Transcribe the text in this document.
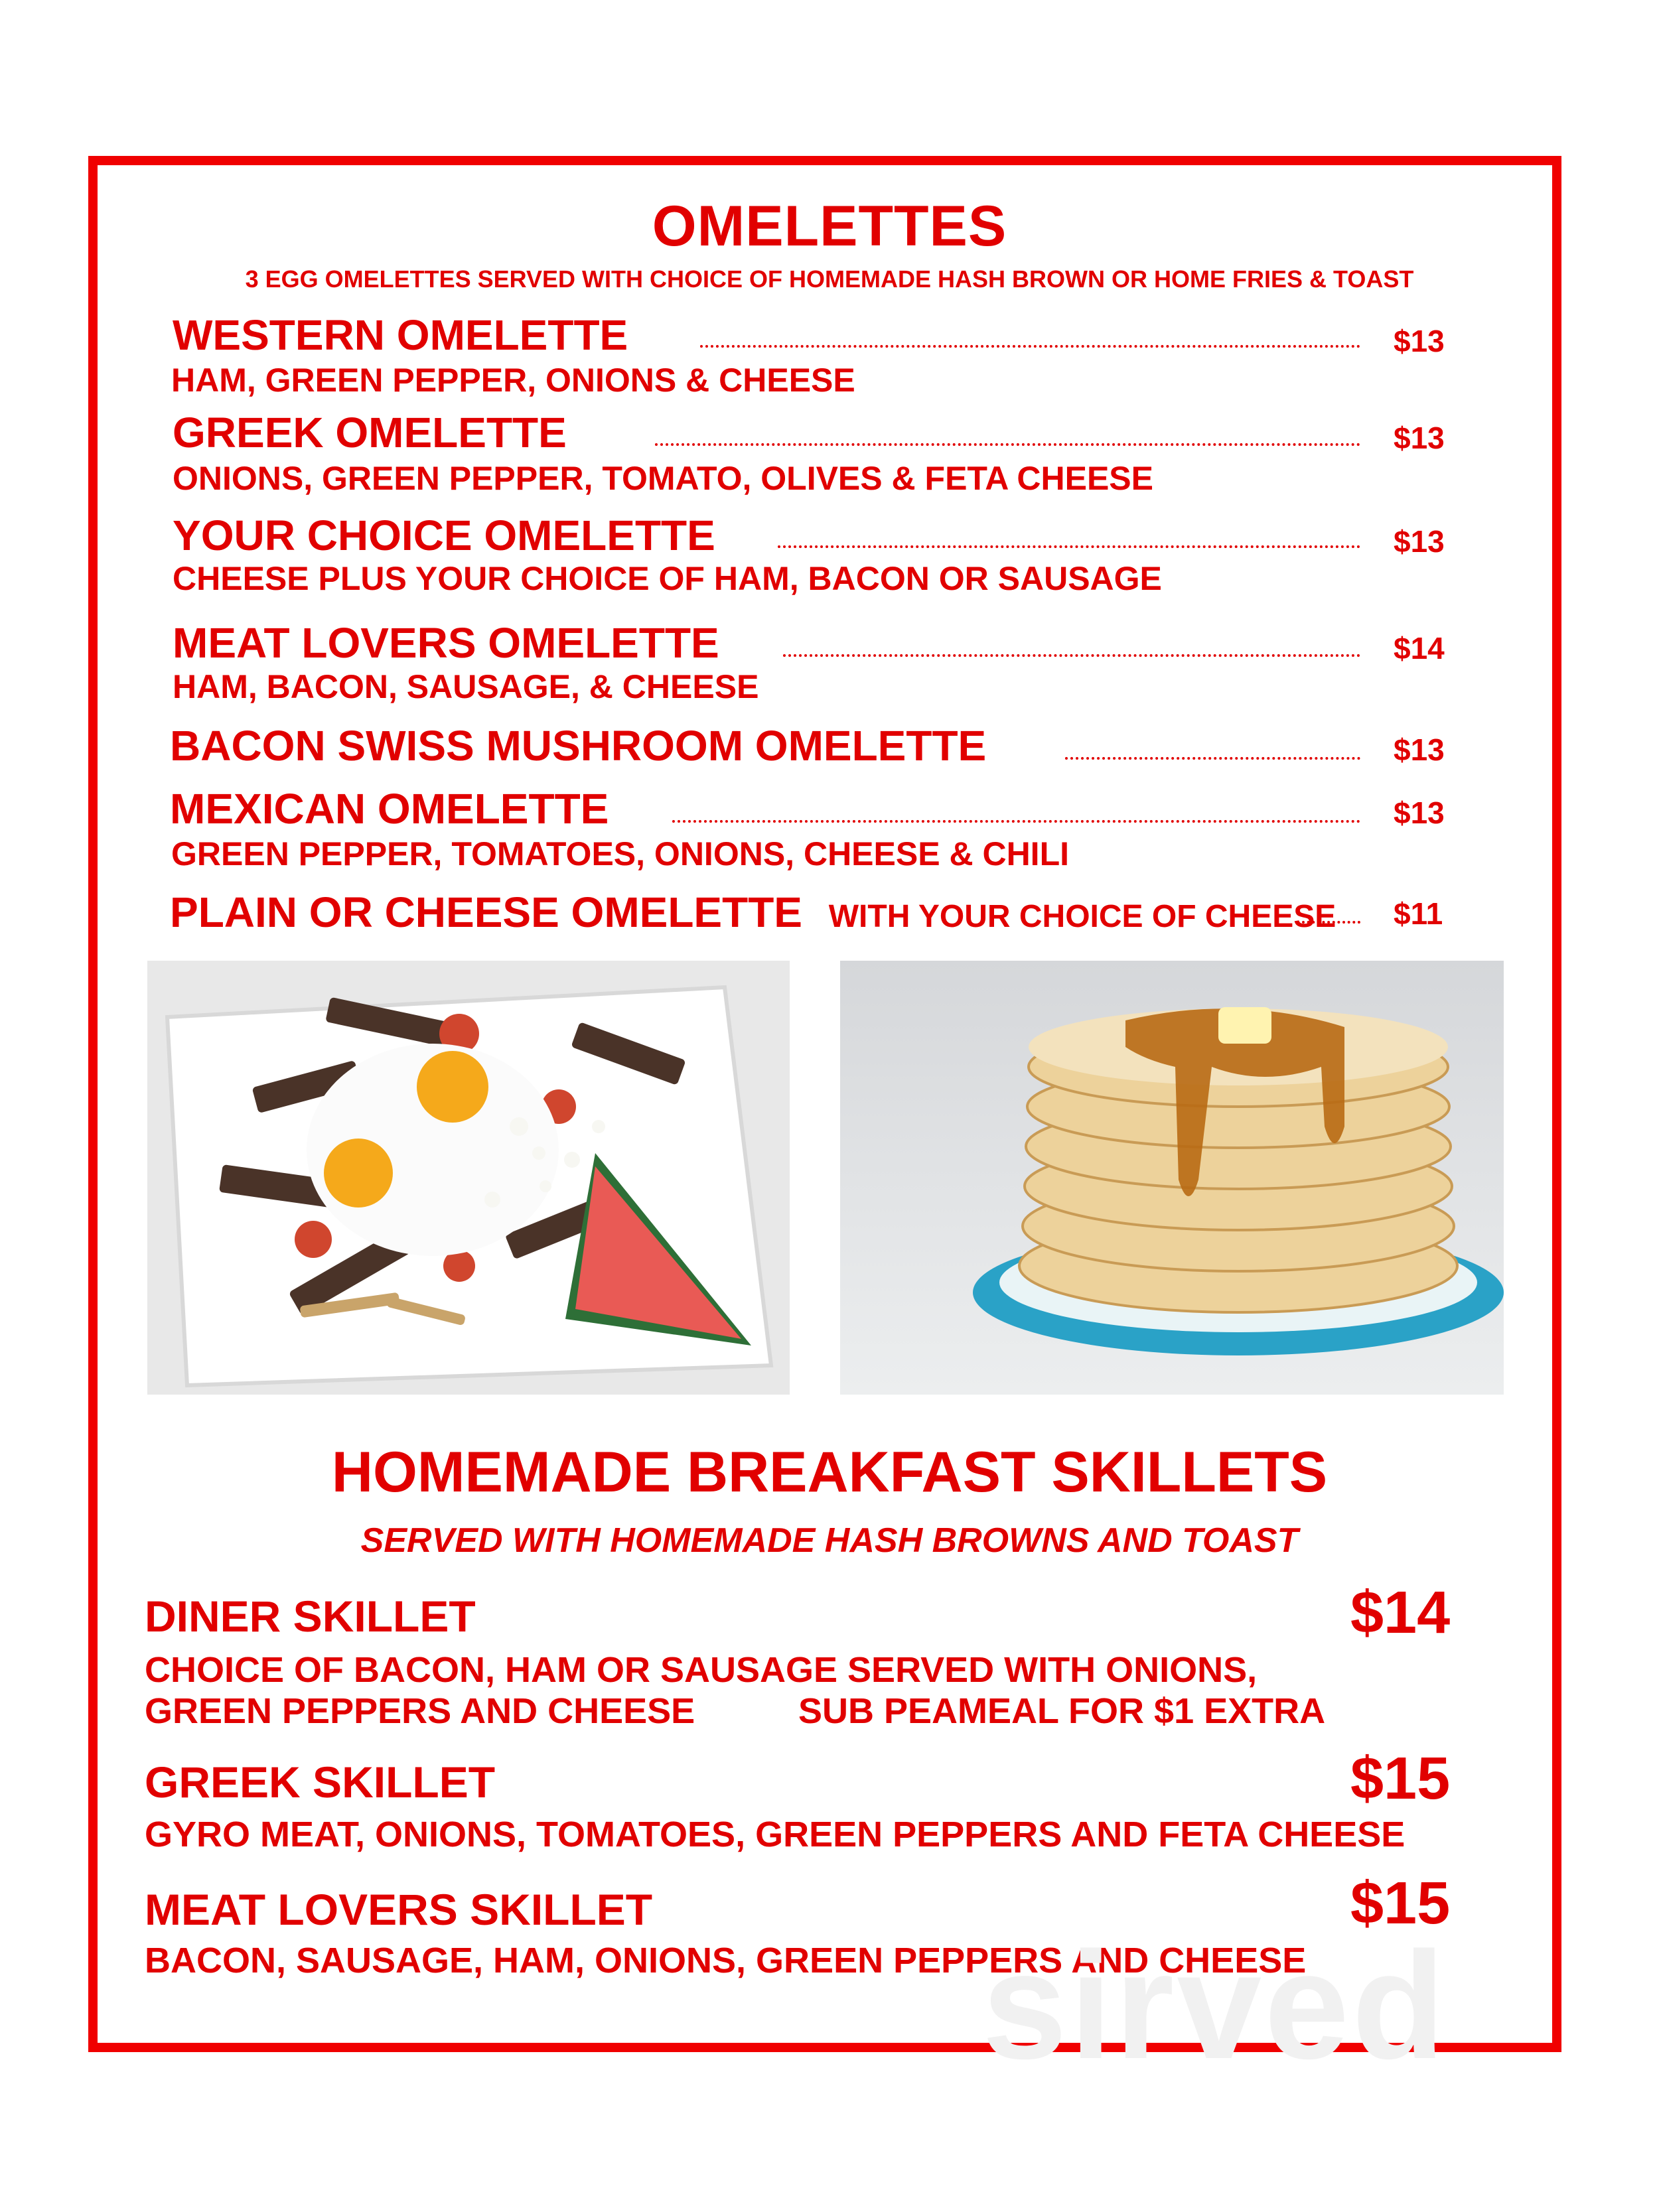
OMELETTES
3 EGG OMELETTES SERVED WITH CHOICE OF HOMEMADE HASH BROWN OR HOME FRIES & TOAST
WESTERN OMELETTE	$13
HAM, GREEN PEPPER, ONIONS & CHEESE
GREEK OMELETTE	$13
ONIONS, GREEN PEPPER, TOMATO, OLIVES & FETA CHEESE
YOUR CHOICE OMELETTE	$13
CHEESE PLUS YOUR CHOICE OF HAM, BACON OR SAUSAGE
MEAT LOVERS OMELETTE	$14
HAM, BACON, SAUSAGE, & CHEESE
BACON SWISS MUSHROOM OMELETTE	$13
MEXICAN OMELETTE	$13
GREEN PEPPER, TOMATOES, ONIONS, CHEESE & CHILI
PLAIN OR CHEESE OMELETTE WITH YOUR CHOICE OF CHEESE $11
HOMEMADE BREAKFAST SKILLETS
SERVED WITH HOMEMADE HASH BROWNS AND TOAST
DINER SKILLET	$14
CHOICE OF BACON, HAM OR SAUSAGE SERVED WITH ONIONS,
GREEN PEPPERS AND CHEESE	SUB PEAMEAL FOR $1 EXTRA
GREEK SKILLET	$15
GYRO MEAT, ONIONS, TOMATOES, GREEN PEPPERS AND FETA CHEESE
MEAT LOVERS SKILLET	$15
BACON, SAUSAGE, HAM, ONIONS, GREEN PEPPERS AND CHEESE
sirved
